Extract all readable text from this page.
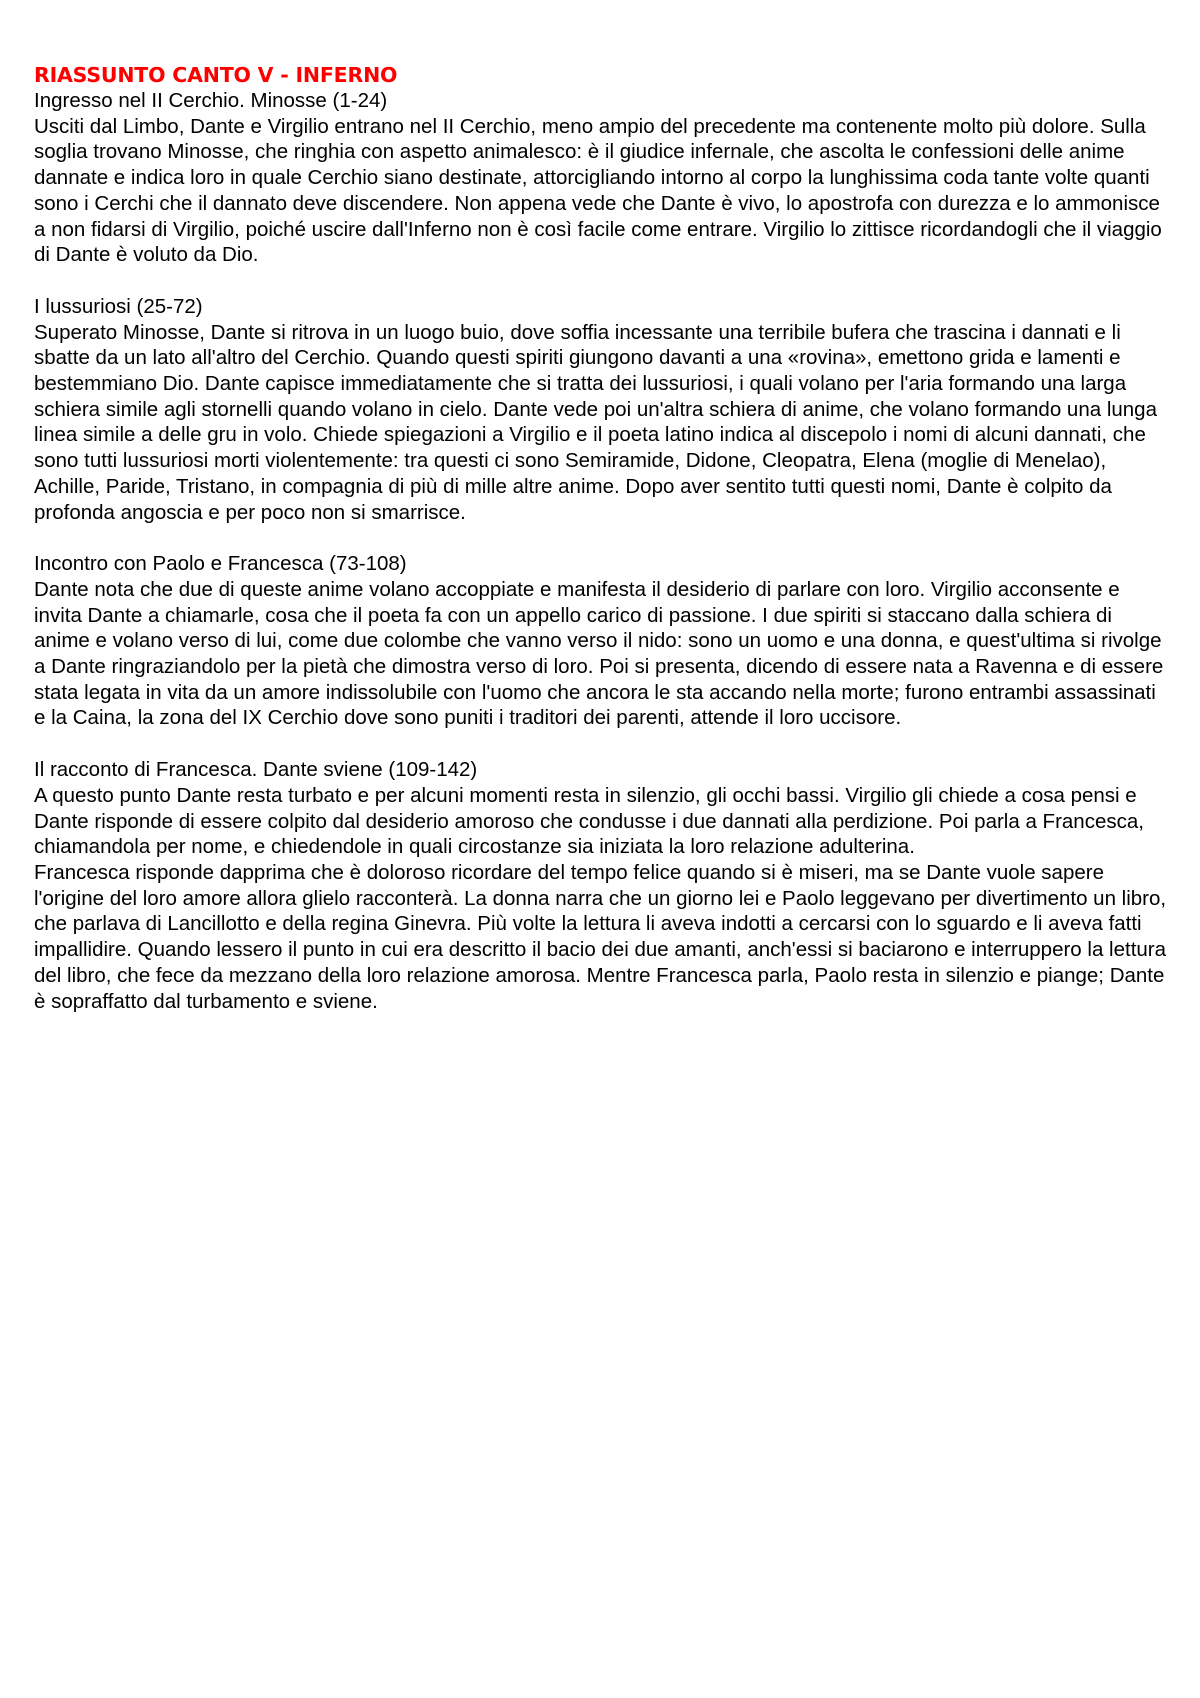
RIASSUNTO CANTO V - INFERNO

Ingresso nel II Cerchio. Minosse (1-24)

Usciti dal Limbo, Dante e Virgilio entrano nel II Cerchio, meno ampio del precedente ma contenente molto più dolore. Sulla soglia trovano Minosse, che ringhia con aspetto animalesco: è il giudice infernale, che ascolta le confessioni delle anime dannate e indica loro in quale Cerchio siano destinate, attorcigliando intorno al corpo la lunghissima coda tante volte quanti sono i Cerchi che il dannato deve discendere. Non appena vede che Dante è vivo, lo apostrofa con durezza e lo ammonisce a non fidarsi di Virgilio, poiché uscire dall'Inferno non è così facile come entrare. Virgilio lo zittisce ricordandogli che il viaggio di Dante è voluto da Dio.

I lussuriosi (25-72)

Superato Minosse, Dante si ritrova in un luogo buio, dove soffia incessante una terribile bufera che trascina i dannati e li sbatte da un lato all'altro del Cerchio. Quando questi spiriti giungono davanti a una «rovina», emettono grida e lamenti e bestemmiano Dio. Dante capisce immediatamente che si tratta dei lussuriosi, i quali volano per l'aria formando una larga schiera simile agli stornelli quando volano in cielo. Dante vede poi un'altra schiera di anime, che volano formando una lunga linea simile a delle gru in volo. Chiede spiegazioni a Virgilio e il poeta latino indica al discepolo i nomi di alcuni dannati, che sono tutti lussuriosi morti violentemente: tra questi ci sono Semiramide, Didone, Cleopatra, Elena (moglie di Menelao), Achille, Paride, Tristano, in compagnia di più di mille altre anime. Dopo aver sentito tutti questi nomi, Dante è colpito da profonda angoscia e per poco non si smarrisce.

Incontro con Paolo e Francesca (73-108)

Dante nota che due di queste anime volano accoppiate e manifesta il desiderio di parlare con loro. Virgilio acconsente e invita Dante a chiamarle, cosa che il poeta fa con un appello carico di passione. I due spiriti si staccano dalla schiera di anime e volano verso di lui, come due colombe che vanno verso il nido: sono un uomo e una donna, e quest'ultima si rivolge a Dante ringraziandolo per la pietà che dimostra verso di loro. Poi si presenta, dicendo di essere nata a Ravenna e di essere stata legata in vita da un amore indissolubile con l'uomo che ancora le sta accando nella morte; furono entrambi assassinati e la Caina, la zona del IX Cerchio dove sono puniti i traditori dei parenti, attende il loro uccisore.

Il racconto di Francesca. Dante sviene (109-142)

A questo punto Dante resta turbato e per alcuni momenti resta in silenzio, gli occhi bassi. Virgilio gli chiede a cosa pensi e Dante risponde di essere colpito dal desiderio amoroso che condusse i due dannati alla perdizione. Poi parla a Francesca, chiamandola per nome, e chiedendole in quali circostanze sia iniziata la loro relazione adulterina.

Francesca risponde dapprima che è doloroso ricordare del tempo felice quando si è miseri, ma se Dante vuole sapere l'origine del loro amore allora glielo racconterà. La donna narra che un giorno lei e Paolo leggevano per divertimento un libro, che parlava di Lancillotto e della regina Ginevra. Più volte la lettura li aveva indotti a cercarsi con lo sguardo e li aveva fatti impallidire. Quando lessero il punto in cui era descritto il bacio dei due amanti, anch'essi si baciarono e interruppero la lettura del libro, che fece da mezzano della loro relazione amorosa. Mentre Francesca parla, Paolo resta in silenzio e piange; Dante è sopraffatto dal turbamento e sviene.
